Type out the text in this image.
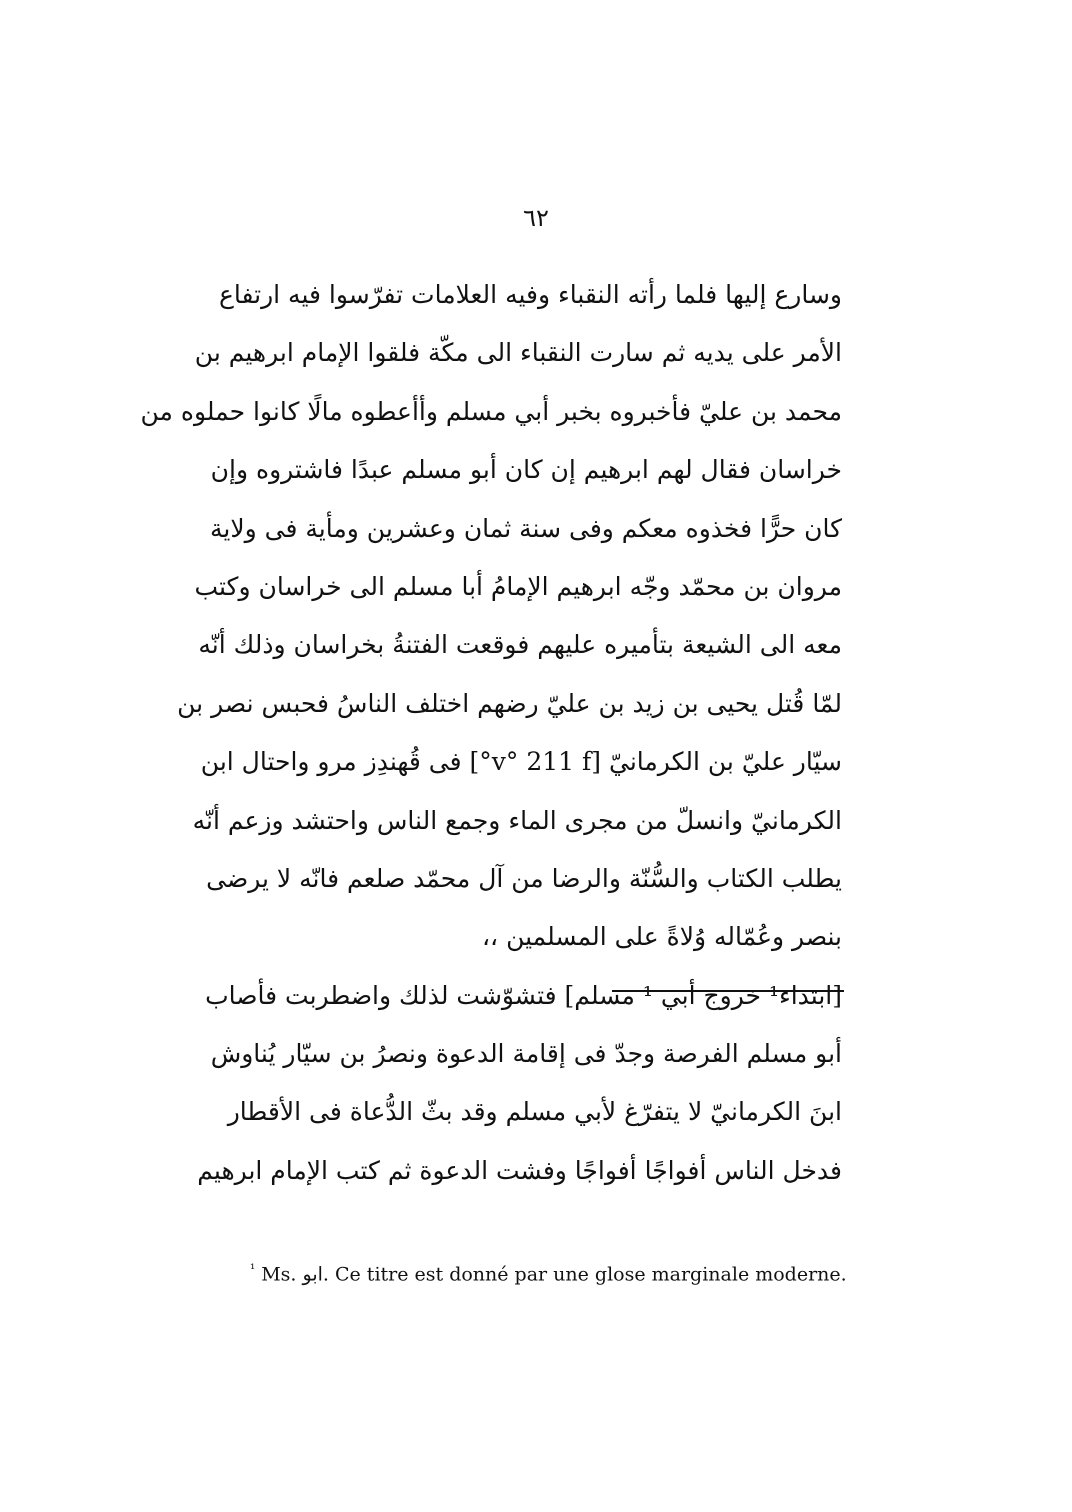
٦٢
وسارع إليها فلما رأته النقباء وفيه العلامات تفرّسوا فيه ارتفاع
الأمر على يديه ثم سارت النقباء الى مكّة فلقوا الإمام ابرهيم بن
محمد بن عليّ فأخبروه بخبر أبي مسلم وأأعطوه مالًا كانوا حملوه من
خراسان فقال لهم ابرهيم إن كان أبو مسلم عبدًا فاشتروه وإن
كان حرًّا فخذوه معكم وفى سنة ثمان وعشرين ومأية فى ولاية
مروان بن محمّد وجّه ابرهيم الإمامُ أبا مسلم الى خراسان وكتب
معه الى الشيعة بتأميره عليهم فوقعت الفتنةُ بخراسان وذلك أنّه
لمّا قُتل يحيى بن زيد بن عليّ رضهم اختلف الناسُ فحبس نصر بن
سيّار عليّ بن الكرمانيّ [v° 211 f°] فى قُهندِز مرو واحتال ابن
الكرمانيّ وانسلّ من مجرى الماء وجمع الناس واحتشد وزعم أنّه
يطلب الكتاب والسُّنّة والرضا من آل محمّد صلعم فانّه لا يرضى
بنصر وعُمّاله وُلاةً على المسلمين ،،
[ابتداء¹ خروج أبي ¹ مسلم] فتشوّشت لذلك واضطربت فأصاب
أبو مسلم الفرصة وجدّ فى إقامة الدعوة ونصرُ بن سيّار يُناوش
ابنَ الكرمانيّ لا يتفرّغ لأبي مسلم وقد بثّ الدُّعاة فى الأقطار
فدخل الناس أفواجًا أفواجًا وفشت الدعوة ثم كتب الإمام ابرهيم
$^{^1}$ Ms. ابو. Ce titre est donné par une glose marginale moderne.
